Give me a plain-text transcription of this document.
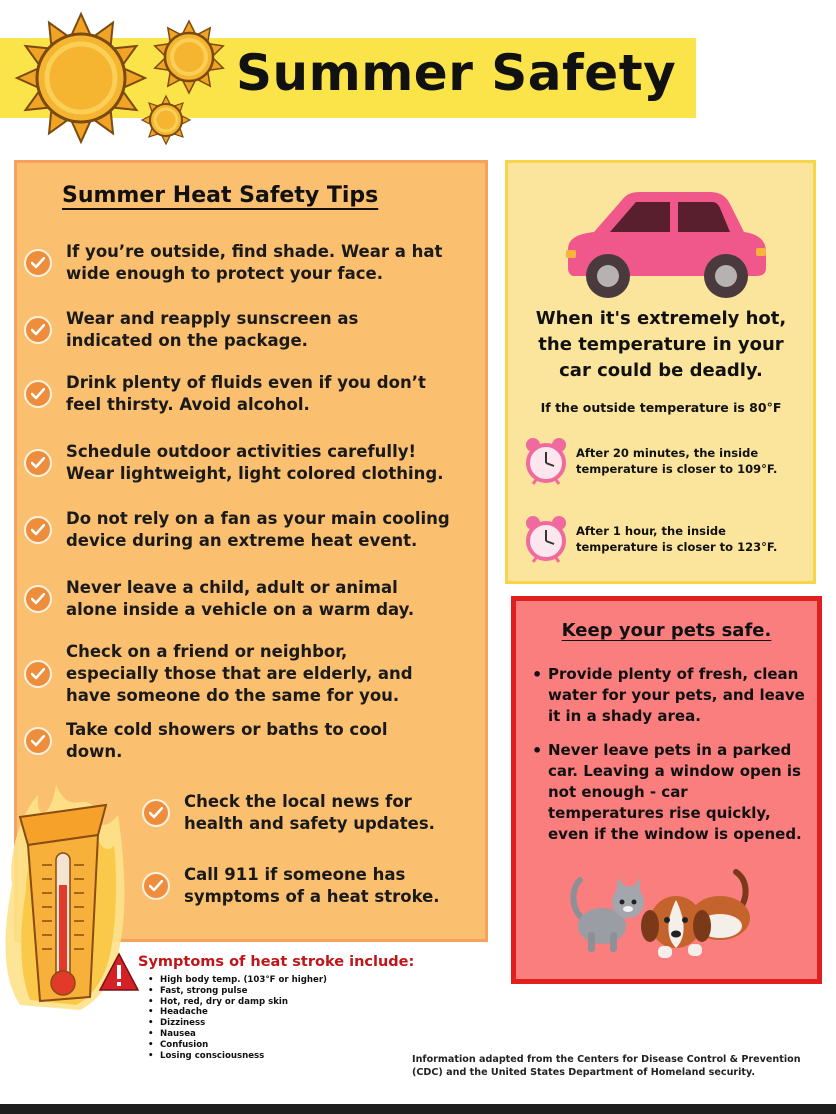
Summer Safety
Summer Heat Safety Tips
If you’re outside, find shade. Wear a hat
wide enough to protect your face.
Wear and reapply sunscreen as
indicated on the package.
Drink plenty of fluids even if you don’t
feel thirsty. Avoid alcohol.
Schedule outdoor activities carefully!
Wear lightweight, light colored clothing.
Do not rely on a fan as your main cooling
device during an extreme heat event.
Never leave a child, adult or animal
alone inside a vehicle on a warm day.
Check on a friend or neighbor,
especially those that are elderly, and
have someone do the same for you.
Take cold showers or baths to cool
down.
Check the local news for
health and safety updates.
Call 911 if someone has
symptoms of a heat stroke.
When it's extremely hot,
the temperature in your
car could be deadly.
If the outside temperature is 80°F
After 20 minutes, the inside
temperature is closer to 109°F.
After 1 hour, the inside
temperature is closer to 123°F.
Keep your pets safe.
• Provide plenty of fresh, clean
water for your pets, and leave
it in a shady area.
• Never leave pets in a parked
car. Leaving a window open is
not enough - car
temperatures rise quickly,
even if the window is opened.
Symptoms of heat stroke include:
• High body temp. (103°F or higher)
• Fast, strong pulse
• Hot, red, dry or damp skin
• Headache
• Dizziness
• Nausea
• Confusion
• Losing consciousness	Information adapted from the Centers for Disease Control & Prevention
(CDC) and the United States Department of Homeland security.
